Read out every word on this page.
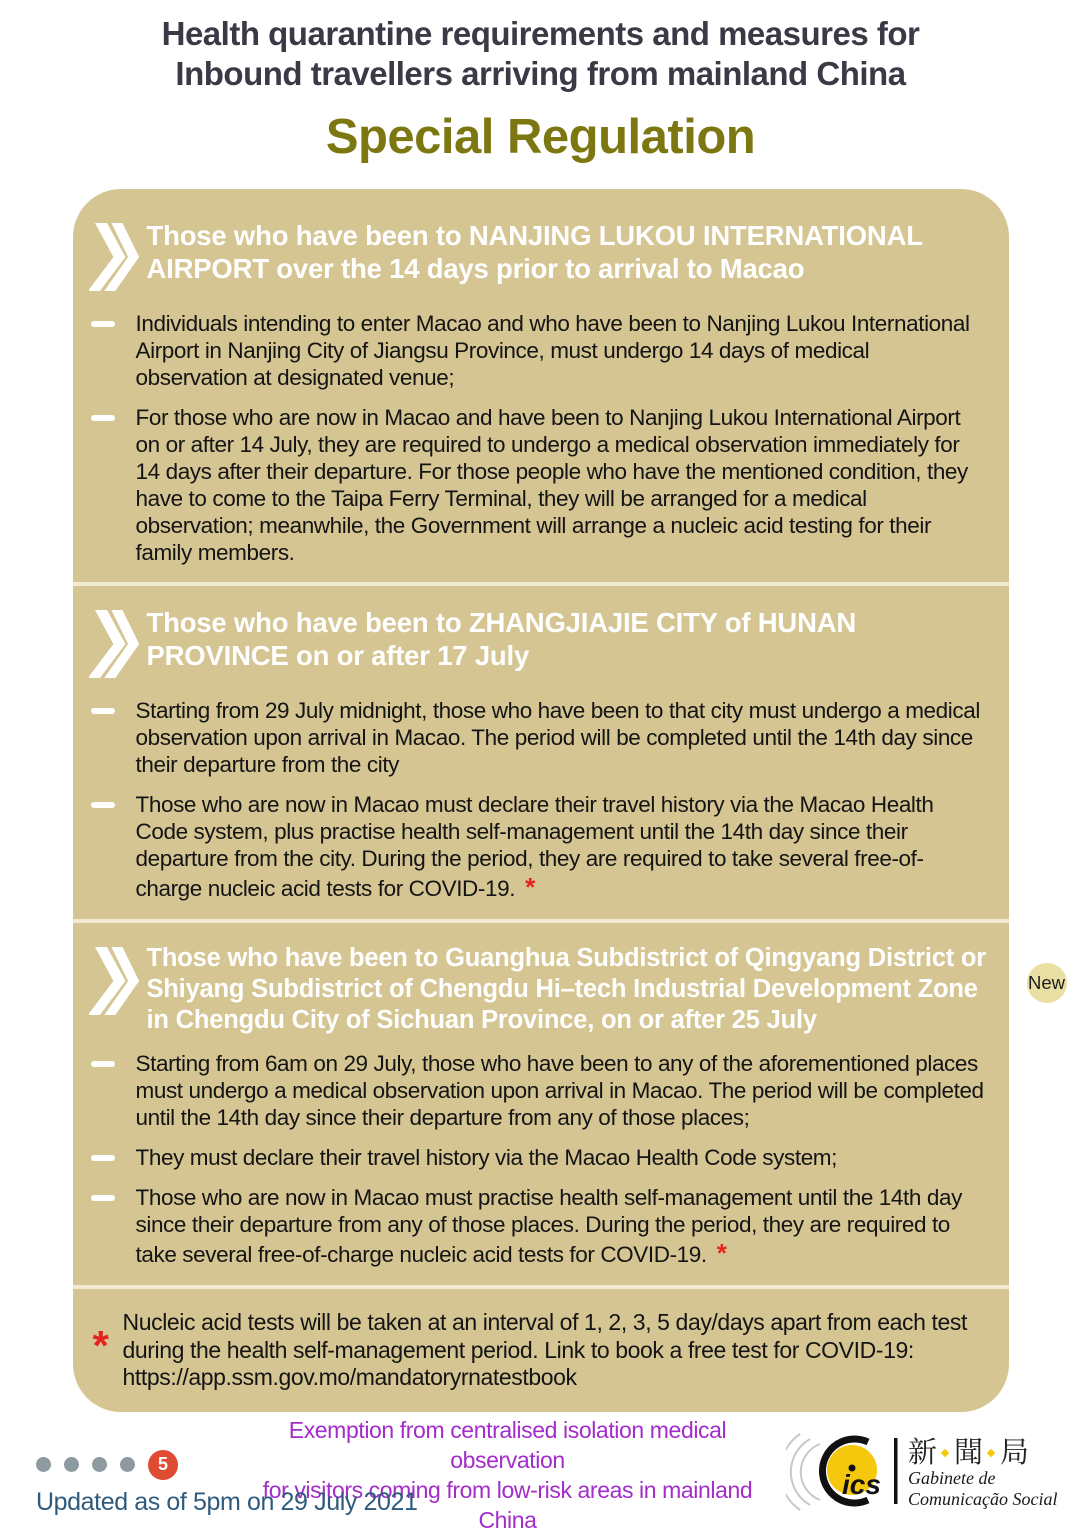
Health quarantine requirements and measures for
Inbound travellers arriving from mainland China
Special Regulation
Those who have been to NANJING LUKOU INTERNATIONAL AIRPORT over the 14 days prior to arrival to Macao
Individuals intending to enter Macao and who have been to Nanjing Lukou International Airport in Nanjing City of Jiangsu Province, must undergo 14 days of medical observation at designated venue;
For those who are now in Macao and have been to Nanjing Lukou International Airport on or after 14 July, they are required to undergo a medical observation immediately for 14 days after their departure. For those people who have the mentioned condition, they have to come to the Taipa Ferry Terminal, they will be arranged for a medical observation; meanwhile, the Government will arrange a nucleic acid testing for their family members.
Those who have been to ZHANGJIAJIE CITY of HUNAN PROVINCE on or after 17 July
Starting from 29 July midnight, those who have been to that city must undergo a medical observation upon arrival in Macao. The period will be completed until the 14th day since their departure from the city
Those who are now in Macao must declare their travel history via the Macao Health Code system, plus practise health self-management until the 14th day since their departure from the city. During the period, they are required to take several free-of-charge nucleic acid tests for COVID-19. *
New
Those who have been to Guanghua Subdistrict of Qingyang District or Shiyang Subdistrict of Chengdu Hi–tech Industrial Development Zone in Chengdu City of Sichuan Province, on or after 25 July
Starting from 6am on 29 July, those who have been to any of the aforementioned places must undergo a medical observation upon arrival in Macao. The period will be completed until the 14th day since their departure from any of those places;
They must declare their travel history via the Macao Health Code system;
Those who are now in Macao must practise health self-management until the 14th day since their departure from any of those places. During the period, they are required to take several free-of-charge nucleic acid tests for COVID-19. *
* Nucleic acid tests will be taken at an interval of 1, 2, 3, 5 day/days apart from each test during the health self-management period. Link to book a free test for COVID-19: https://app.ssm.gov.mo/mandatoryrnatestbook
Exemption from centralised isolation medical observation
for visitors coming from low-risk areas in mainland China
5
Updated as of 5pm on 29 July 2021
ics
新 聞 局
Gabinete de
Comunicação Social
